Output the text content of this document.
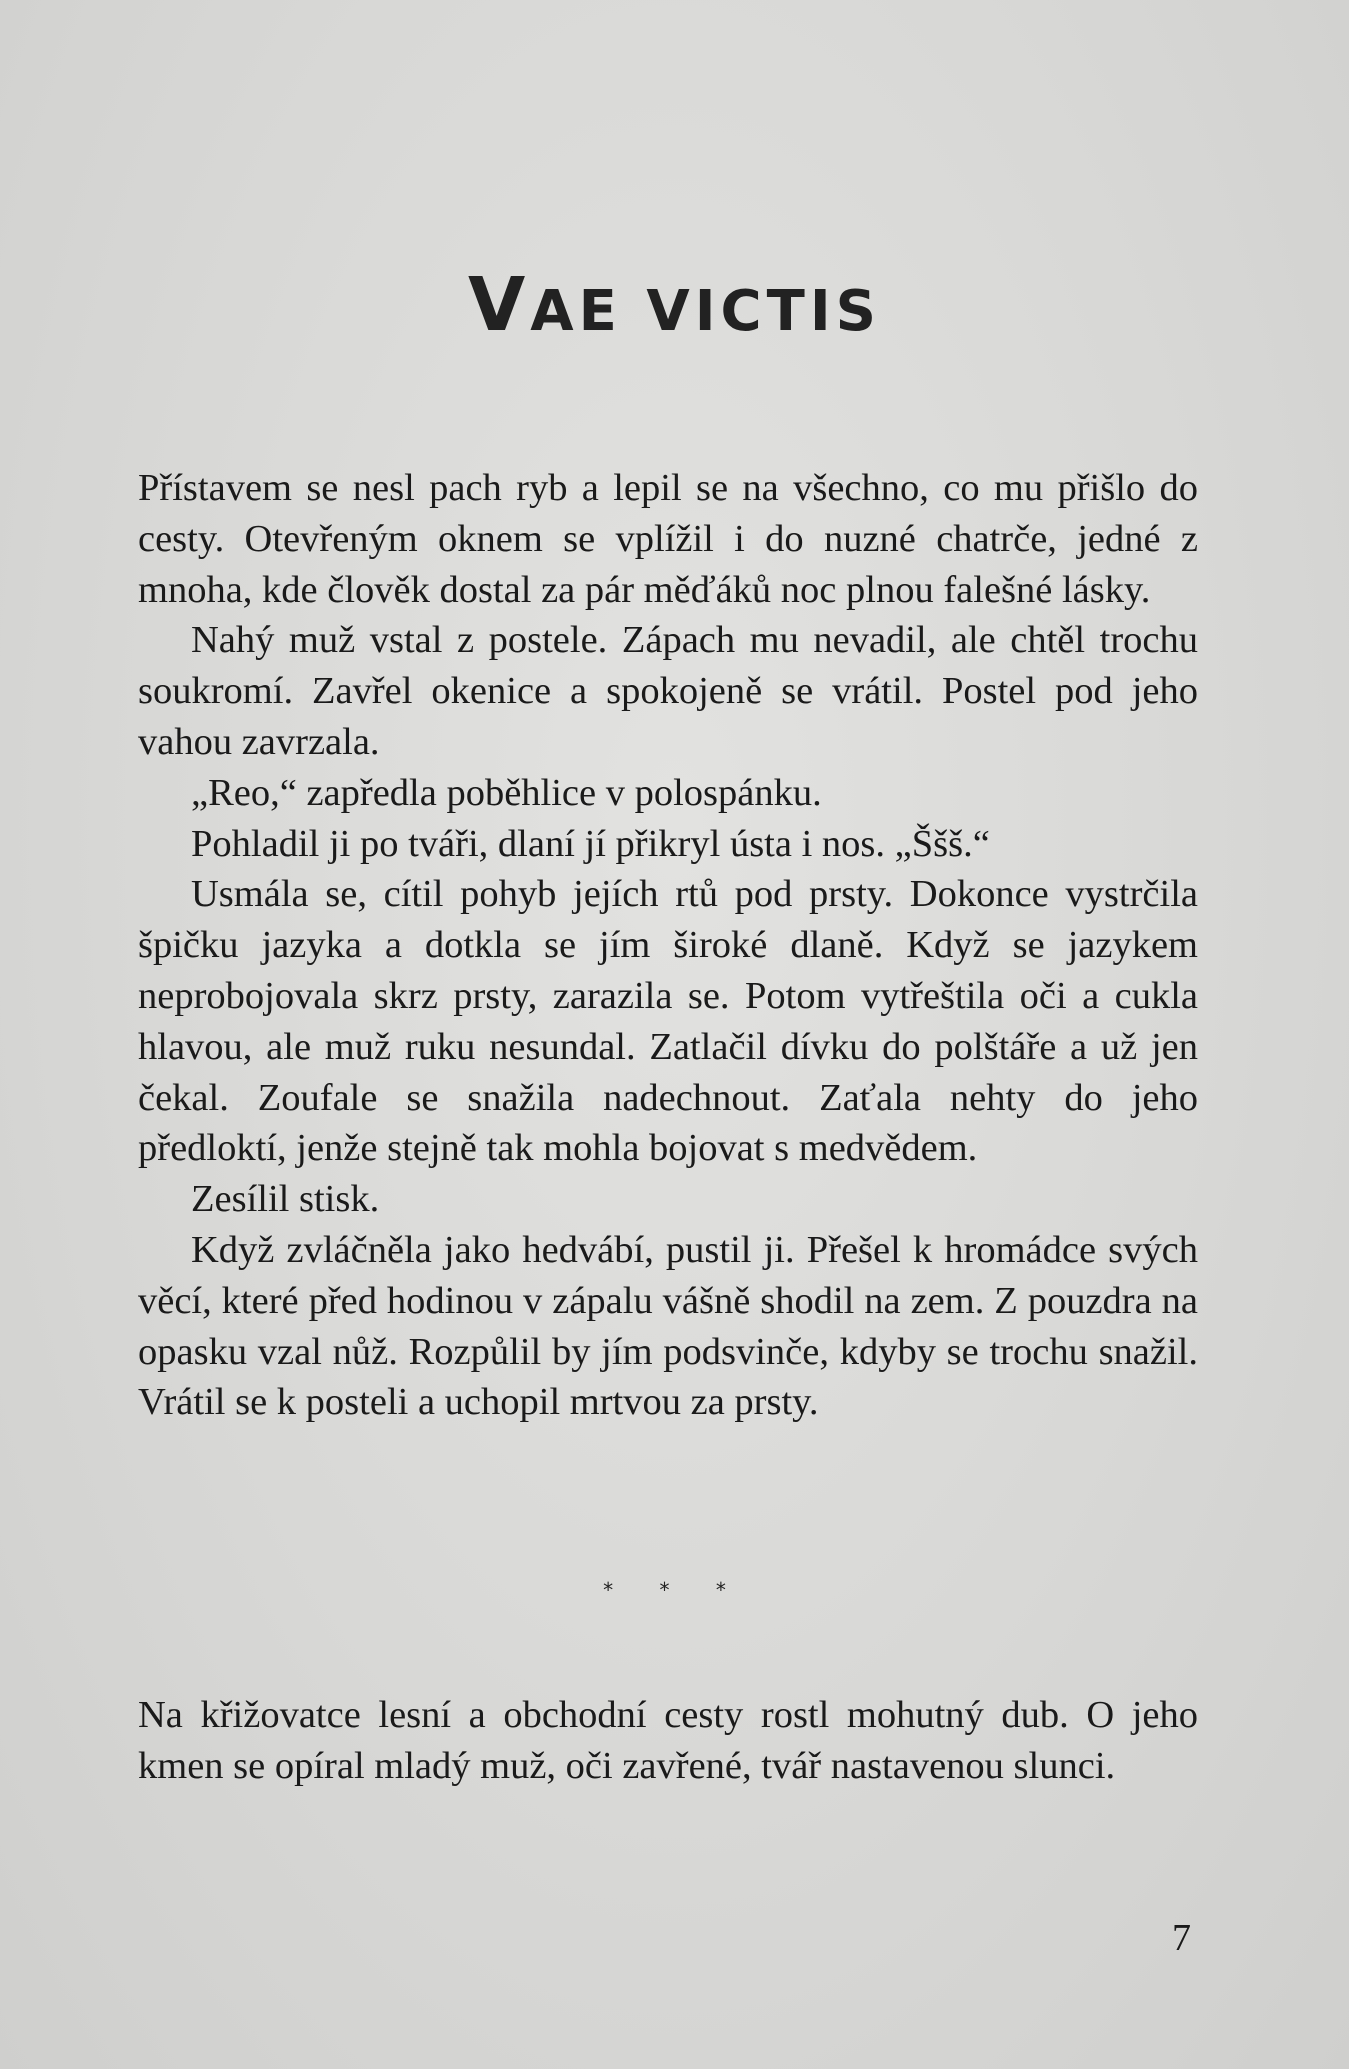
VAE VICTIS

Přístavem se nesl pach ryb a lepil se na všechno, co mu přišlo do cesty. Otevřeným oknem se vplížil i do nuzné chatrče, jedné z mnoha, kde člověk dostal za pár měďáků noc plnou falešné lásky.

Nahý muž vstal z postele. Zápach mu nevadil, ale chtěl trochu soukromí. Zavřel okenice a spokojeně se vrátil. Postel pod jeho vahou zavrzala.

„Reo,“ zapředla poběhlice v polospánku.

Pohladil ji po tváři, dlaní jí přikryl ústa i nos. „Ššš.“

Usmála se, cítil pohyb jejích rtů pod prsty. Dokonce vystrčila špičku jazyka a dotkla se jím široké dlaně. Když se jazykem neprobojovala skrz prsty, zarazila se. Potom vytřeštila oči a cukla hlavou, ale muž ruku nesundal. Zatlačil dívku do polštáře a už jen čekal. Zoufale se snažila nadechnout. Zaťala nehty do jeho předloktí, jenže stejně tak mohla bojovat s medvědem.

Zesílil stisk.

Když zvláčněla jako hedvábí, pustil ji. Přešel k hromádce svých věcí, které před hodinou v zápalu vášně shodil na zem. Z pouzdra na opasku vzal nůž. Rozpůlil by jím podsvinče, kdyby se trochu snažil. Vrátil se k posteli a uchopil mrtvou za prsty.

* * *

Na křižovatce lesní a obchodní cesty rostl mohutný dub. O jeho kmen se opíral mladý muž, oči zavřené, tvář nastavenou slunci.

7
